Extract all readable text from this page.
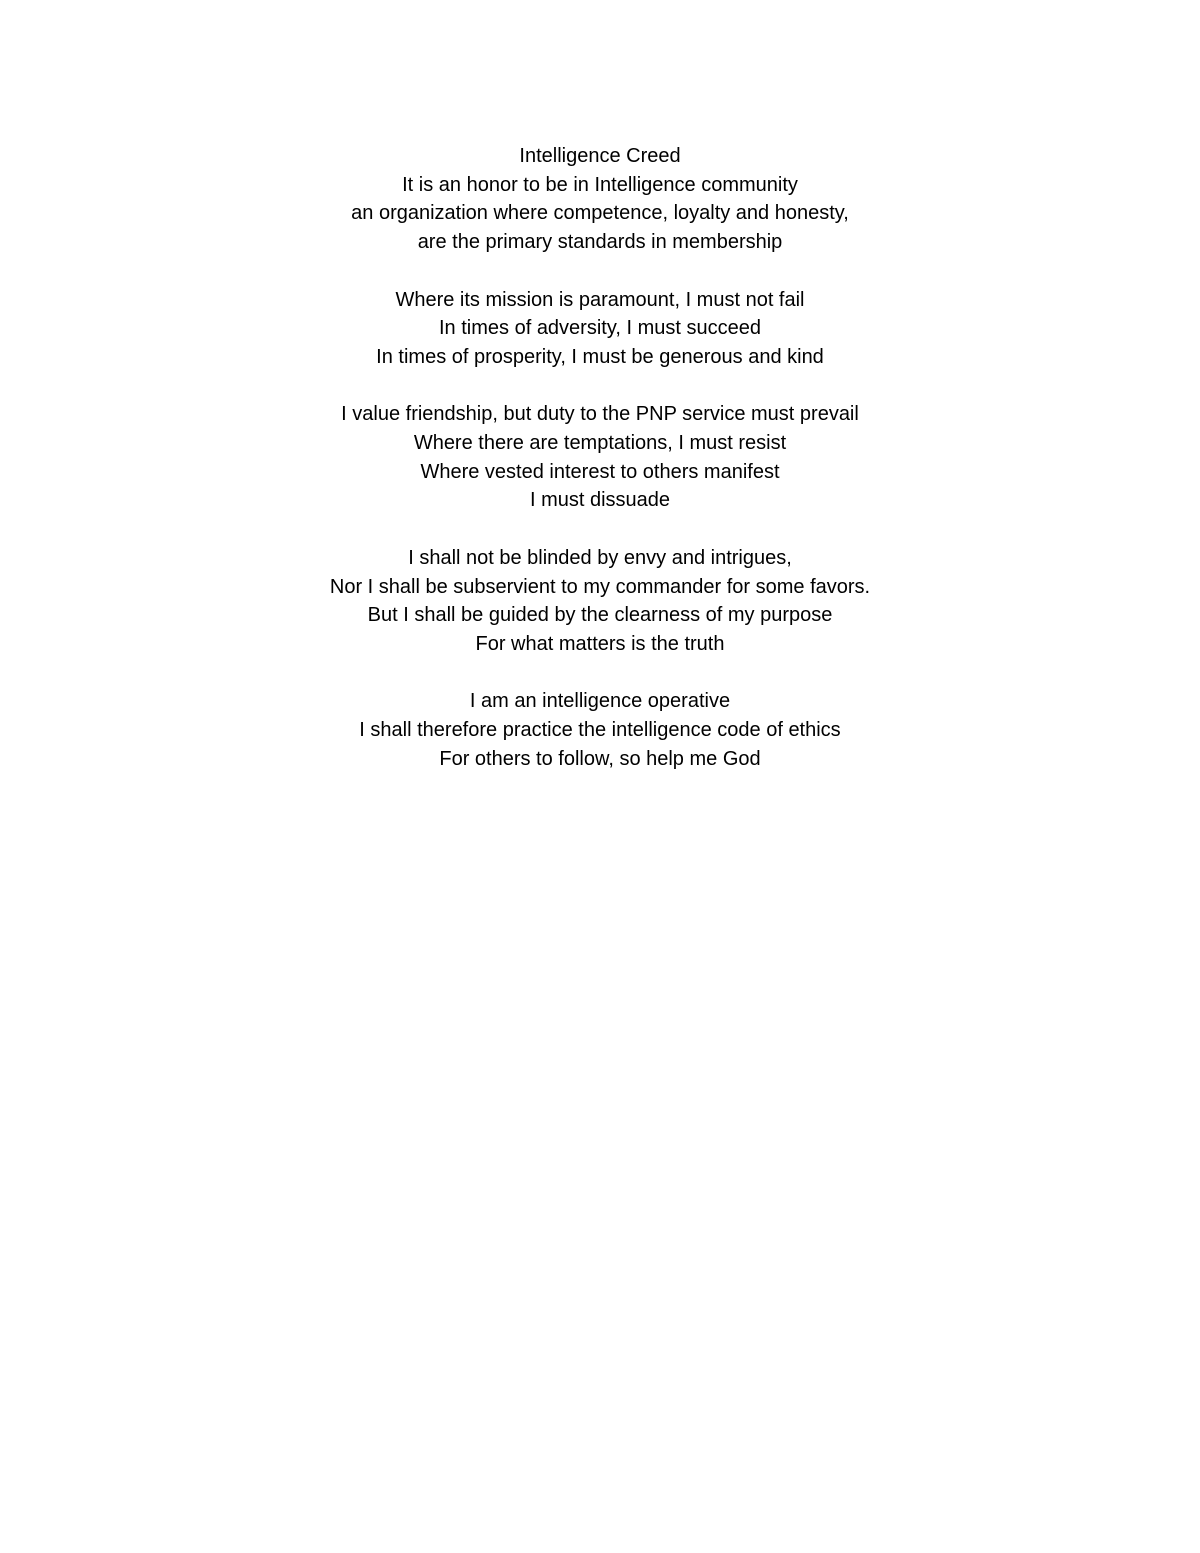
Intelligence Creed
It is an honor to be in Intelligence community
an organization where competence, loyalty and honesty,
are the primary standards in membership
Where its mission is paramount, I must not fail
In times of adversity, I must succeed
In times of prosperity, I must be generous and kind
I value friendship, but duty to the PNP service must prevail
Where there are temptations, I must resist
Where vested interest to others manifest
I must dissuade
I shall not be blinded by envy and intrigues,
Nor I shall be subservient to my commander for some favors.
But I shall be guided by the clearness of my purpose
For what matters is the truth
I am an intelligence operative
I shall therefore practice the intelligence code of ethics
For others to follow, so help me God
